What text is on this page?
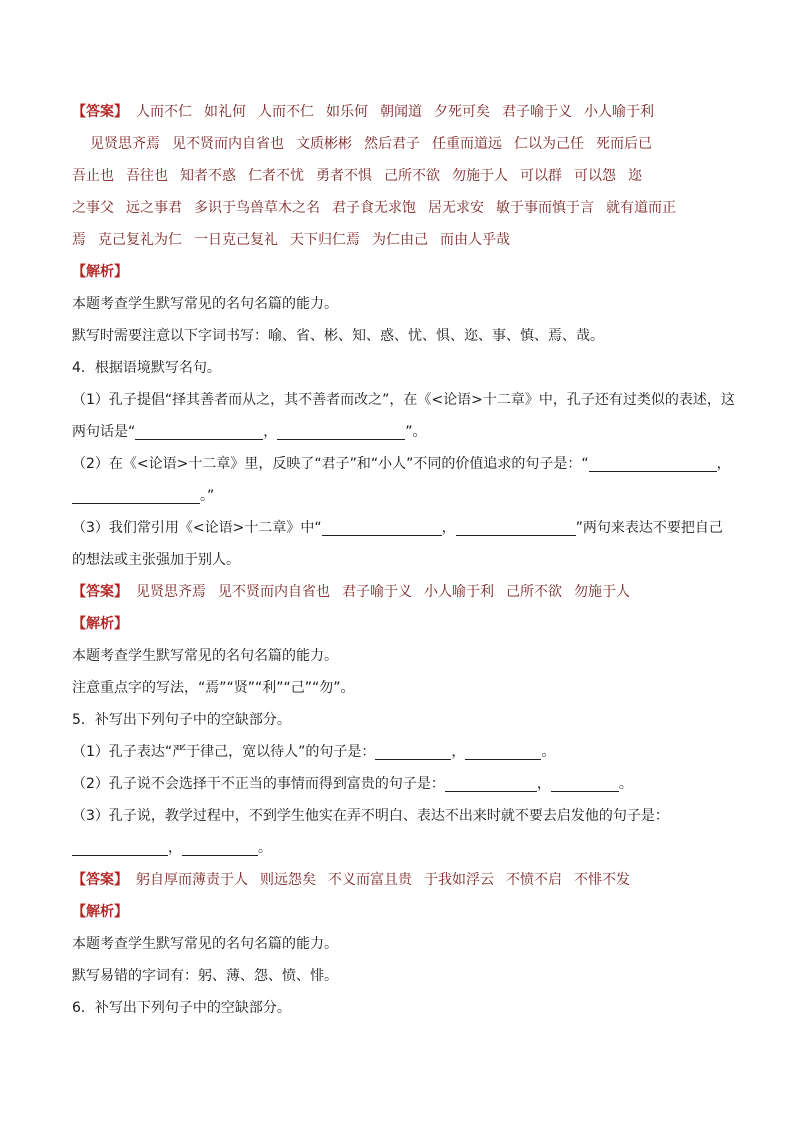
【答案】 人而不仁 如礼何 人而不仁 如乐何 朝闻道 夕死可矣 君子喻于义 小人喻于利
见贤思齐焉 见不贤而内自省也 文质彬彬 然后君子 任重而道远 仁以为己任 死而后已
吾止也 吾往也 知者不惑 仁者不忧 勇者不惧 己所不欲 勿施于人 可以群 可以怨 迩
之事父 远之事君 多识于鸟兽草木之名 君子食无求饱 居无求安 敏于事而慎于言 就有道而正
焉 克己复礼为仁 一日克己复礼 天下归仁焉 为仁由己 而由人乎哉
【解析】
本题考查学生默写常见的名句名篇的能力。
默写时需要注意以下字词书写：喻、省、彬、知、惑、忧、惧、迩、事、慎、焉、哉。
4．根据语境默写名句。
（1）孔子提倡“择其善者而从之，其不善者而改之”，在《<论语>十二章》中，孔子还有过类似的表述，这
两句话是“	，	”。
（2）在《<论语>十二章》里，反映了“君子”和“小人”不同的价值追求的句子是：“	，
。”
（3）我们常引用《<论语>十二章》中“	，	”两句来表达不要把自己
的想法或主张强加于别人。
【答案】 见贤思齐焉 见不贤而内自省也 君子喻于义 小人喻于利 己所不欲 勿施于人
【解析】
本题考查学生默写常见的名句名篇的能力。
注意重点字的写法，“焉”“贤”“利”“己”“勿”。
5．补写出下列句子中的空缺部分。
（1）孔子表达“严于律己，宽以待人”的句子是：	，	。
（2）孔子说不会选择干不正当的事情而得到富贵的句子是：	，	。
（3）孔子说，教学过程中，不到学生他实在弄不明白、表达不出来时就不要去启发他的句子是：
，	。
【答案】 躬自厚而薄责于人 则远怨矣 不义而富且贵 于我如浮云 不愤不启 不悱不发
【解析】
本题考查学生默写常见的名句名篇的能力。
默写易错的字词有：躬、薄、怨、愤、悱。
6．补写出下列句子中的空缺部分。
